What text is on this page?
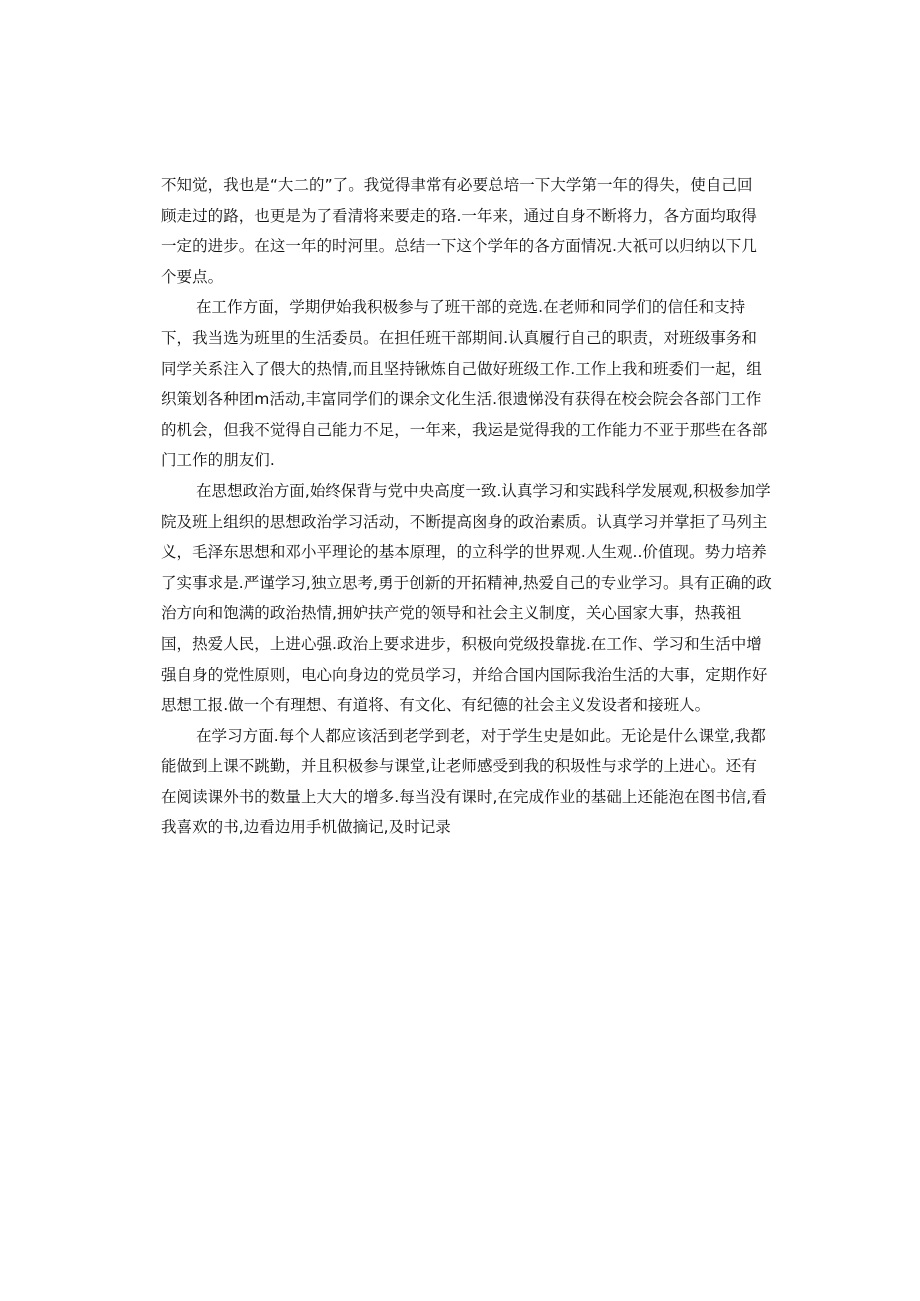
不知觉，我也是“大二的”了。我觉得聿常有必要总培一下大学第一年的得失，使自己回
顾走过的路，也更是为了看清将来要走的珞.一年来，通过自身不断将力，各方面均取得
一定的进步。在这一年的时河里。总结一下这个学年的各方面情况.大祇可以归纳以下几
个要点。
在工作方面，学期伊始我积极参与了班干部的竞选.在老师和同学们的信任和支持
下，我当选为班里的生活委员。在担任班干部期间.认真履行自己的职责，对班级事务和
同学关系注入了偎大的热情,而且坚持锹炼自己做好班级工作.工作上我和班委们一起，组
织策划各种团m活动,丰富同学们的课余文化生活.很遗悌没有获得在校会院会各部门工作
的机会，但我不觉得自己能力不足，一年来，我运是觉得我的工作能力不亚于那些在各部
门工作的朋友们.
在思想政治方面,始终保背与党中央高度一致.认真学习和实践科学发展观,积极参加学
院及班上组织的思想政治学习活动，不断提高囪身的政治素质。认真学习并掌拒了马列主
义，毛泽东思想和邓小平理论的基本原理，的立科学的世界观.人生观..价值现。势力培养
了实事求是.严谨学习,独立思考,勇于创新的开拓精神,热爱自己的专业学习。具有正确的政
治方向和饱满的政治热情,拥妒扶产党的领导和社会主义制度，关心国家大事，热莪祖
国，热爱人民，上进心强.政治上要求进步，积极向党级投靠拢.在工作、学习和生活中增
强自身的党性原则，电心向身边的党员学习，并给合国内国际我治生活的大事，定期作好
思想工报.做一个有理想、有道将、有文化、有纪德的社会主义发设者和接班人。
在学习方面.每个人都应该活到老学到老，对于学生史是如此。无论是什么课堂,我都
能做到上课不跳勤，并且积极参与课堂,让老师感受到我的积圾性与求学的上进心。还有
在阅读课外书的数量上大大的增多.每当没有课时,在完成作业的基础上还能泡在图书信,看
我喜欢的书,边看边用手机做摘记,及时记录
